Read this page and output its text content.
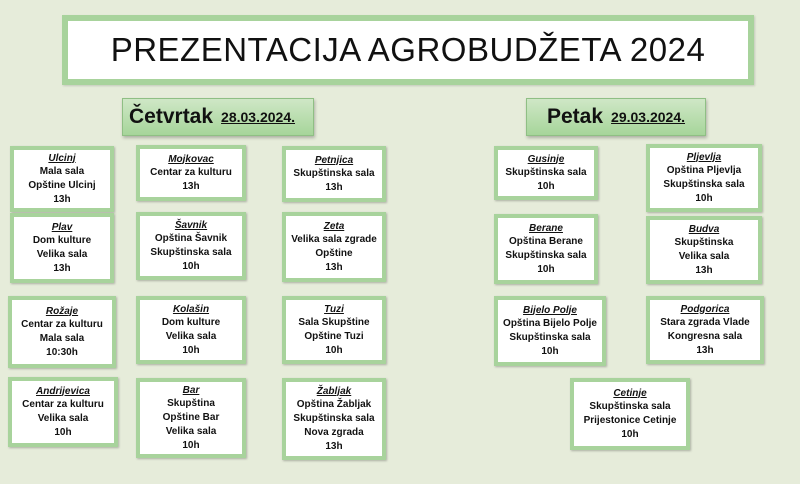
PREZENTACIJA AGROBUDŽETA 2024
Četvrtak 28.03.2024.	Petak 29.03.2024.
Ulcinj
Mala sala
Opštine Ulcinj
13h
Plav
Dom kulture
Velika sala
13h
Rožaje
Centar za kulturu
Mala sala
10:30h
Andrijevica
Centar za kulturu
Velika sala
10h
Mojkovac
Centar za kulturu
13h
Šavnik
Opština Šavnik
Skupštinska sala
10h
Kolašin
Dom kulture
Velika sala
10h
Bar
Skupština
Opštine Bar
Velika sala
10h
Petnjica
Skupštinska sala
13h
Zeta
Velika sala zgrade
Opštine
13h
Tuzi
Sala Skupštine
Opštine Tuzi
10h
Žabljak
Opština Žabljak
Skupštinska sala
Nova zgrada
13h
Gusinje
Skupštinska sala
10h
Berane
Opština Berane
Skupštinska sala
10h
Bijelo Polje
Opština Bijelo Polje
Skupštinska sala
10h
Pljevlja
Opština Pljevlja
Skupštinska sala
10h
Budva
Skupštinska
Velika sala
13h
Podgorica
Stara zgrada Vlade
Kongresna sala
13h
Cetinje
Skupštinska sala
Prijestonice Cetinje
10h
